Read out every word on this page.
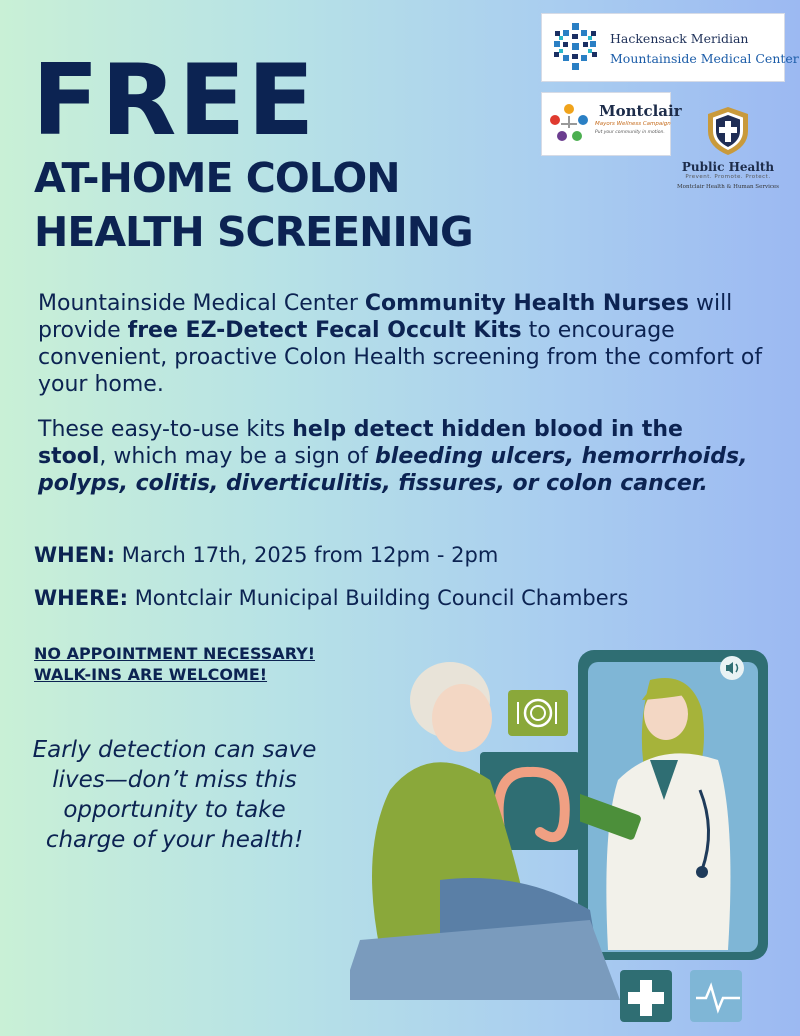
Hackensack Meridian
Mountainside Medical Center
Montclair
Mayors Wellness Campaign
Put your community in motion.
Public Health
Prevent. Promote. Protect.
Montclair Health & Human Services
FREE
AT-HOME COLON
HEALTH SCREENING

Mountainside Medical Center Community Health Nurses will provide free EZ-Detect Fecal Occult Kits to encourage convenient, proactive Colon Health screening from the comfort of your home.

These easy-to-use kits help detect hidden blood in the stool, which may be a sign of bleeding ulcers, hemorrhoids, polyps, colitis, diverticulitis, fissures, or colon cancer.

WHEN: March 17th, 2025 from 12pm - 2pm
WHERE: Montclair Municipal Building Council Chambers
NO APPOINTMENT NECESSARY!
WALK-INS ARE WELCOME!
Early detection can save lives—don’t miss this opportunity to take charge of your health!
